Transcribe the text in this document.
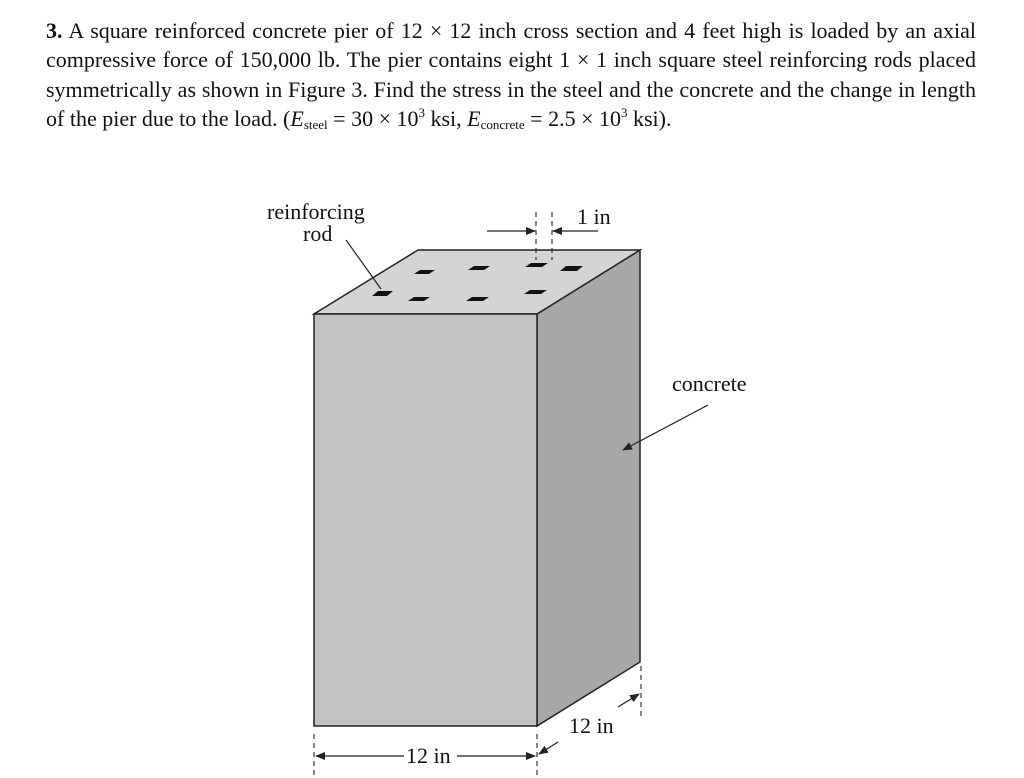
3. A square reinforced concrete pier of 12 × 12 inch cross section and 4 feet high is loaded by an axial compressive force of 150,000 lb. The pier contains eight 1 × 1 inch square steel reinforcing rods placed symmetrically as shown in Figure 3. Find the stress in the steel and the concrete and the change in length of the pier due to the load. ($E_{steel} = 30 \times 10^3$ ksi, $E_{concrete} = 2.5 \times 10^3$ ksi).

reinforcing
rod
1 in
concrete
12 in
12 in
